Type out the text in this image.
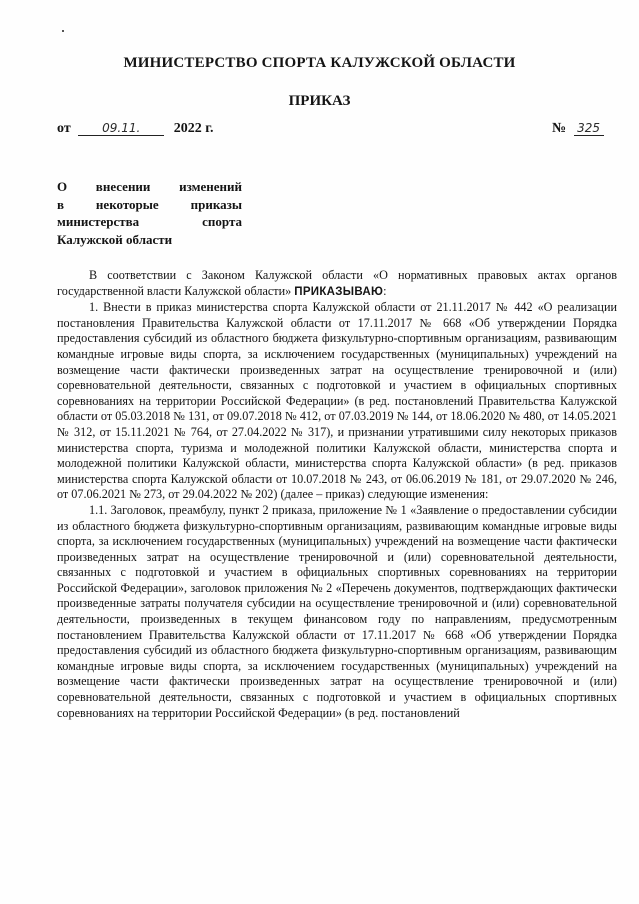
МИНИСТЕРСТВО СПОРТА КАЛУЖСКОЙ ОБЛАСТИ
ПРИКАЗ
от	09.11. 2022 г.	№ 325
О внесении изменений
в некоторые приказы
министерства спорта
Калужской области

В соответствии с Законом Калужской области «О нормативных правовых актах органов государственной власти Калужской области» ПРИКАЗЫВАЮ:

1. Внести в приказ министерства спорта Калужской области от 21.11.2017 № 442 «О реализации постановления Правительства Калужской области от 17.11.2017 № 668 «Об утверждении Порядка предоставления субсидий из областного бюджета физкультурно-спортивным организациям, развивающим командные игровые виды спорта, за исключением государственных (муниципальных) учреждений на возмещение части фактически произведенных затрат на осуществление тренировочной и (или) соревновательной деятельности, связанных с подготовкой и участием в официальных спортивных соревнованиях на территории Российской Федерации» (в ред. постановлений Правительства Калужской области от 05.03.2018 № 131, от 09.07.2018 № 412, от 07.03.2019 № 144, от 18.06.2020 № 480, от 14.05.2021 № 312, от 15.11.2021 № 764, от 27.04.2022 № 317), и признании утратившими силу некоторых приказов министерства спорта, туризма и молодежной политики Калужской области, министерства спорта и молодежной политики Калужской области, министерства спорта Калужской области» (в ред. приказов министерства спорта Калужской области от 10.07.2018 № 243, от 06.06.2019 № 181, от 29.07.2020 № 246, от 07.06.2021 № 273, от 29.04.2022 № 202) (далее – приказ) следующие изменения:

1.1. Заголовок, преамбулу, пункт 2 приказа, приложение № 1 «Заявление о предоставлении субсидии из областного бюджета физкультурно-спортивным организациям, развивающим командные игровые виды спорта, за исключением государственных (муниципальных) учреждений на возмещение части фактически произведенных затрат на осуществление тренировочной и (или) соревновательной деятельности, связанных с подготовкой и участием в официальных спортивных соревнованиях на территории Российской Федерации», заголовок приложения № 2 «Перечень документов, подтверждающих фактически произведенные затраты получателя субсидии на осуществление тренировочной и (или) соревновательной деятельности, произведенных в текущем финансовом году по направлениям, предусмотренным постановлением Правительства Калужской области от 17.11.2017 № 668 «Об утверждении Порядка предоставления субсидий из областного бюджета физкультурно-спортивным организациям, развивающим командные игровые виды спорта, за исключением государственных (муниципальных) учреждений на возмещение части фактически произведенных затрат на осуществление тренировочной и (или) соревновательной деятельности, связанных с подготовкой и участием в официальных спортивных соревнованиях на территории Российской Федерации» (в ред. постановлений
